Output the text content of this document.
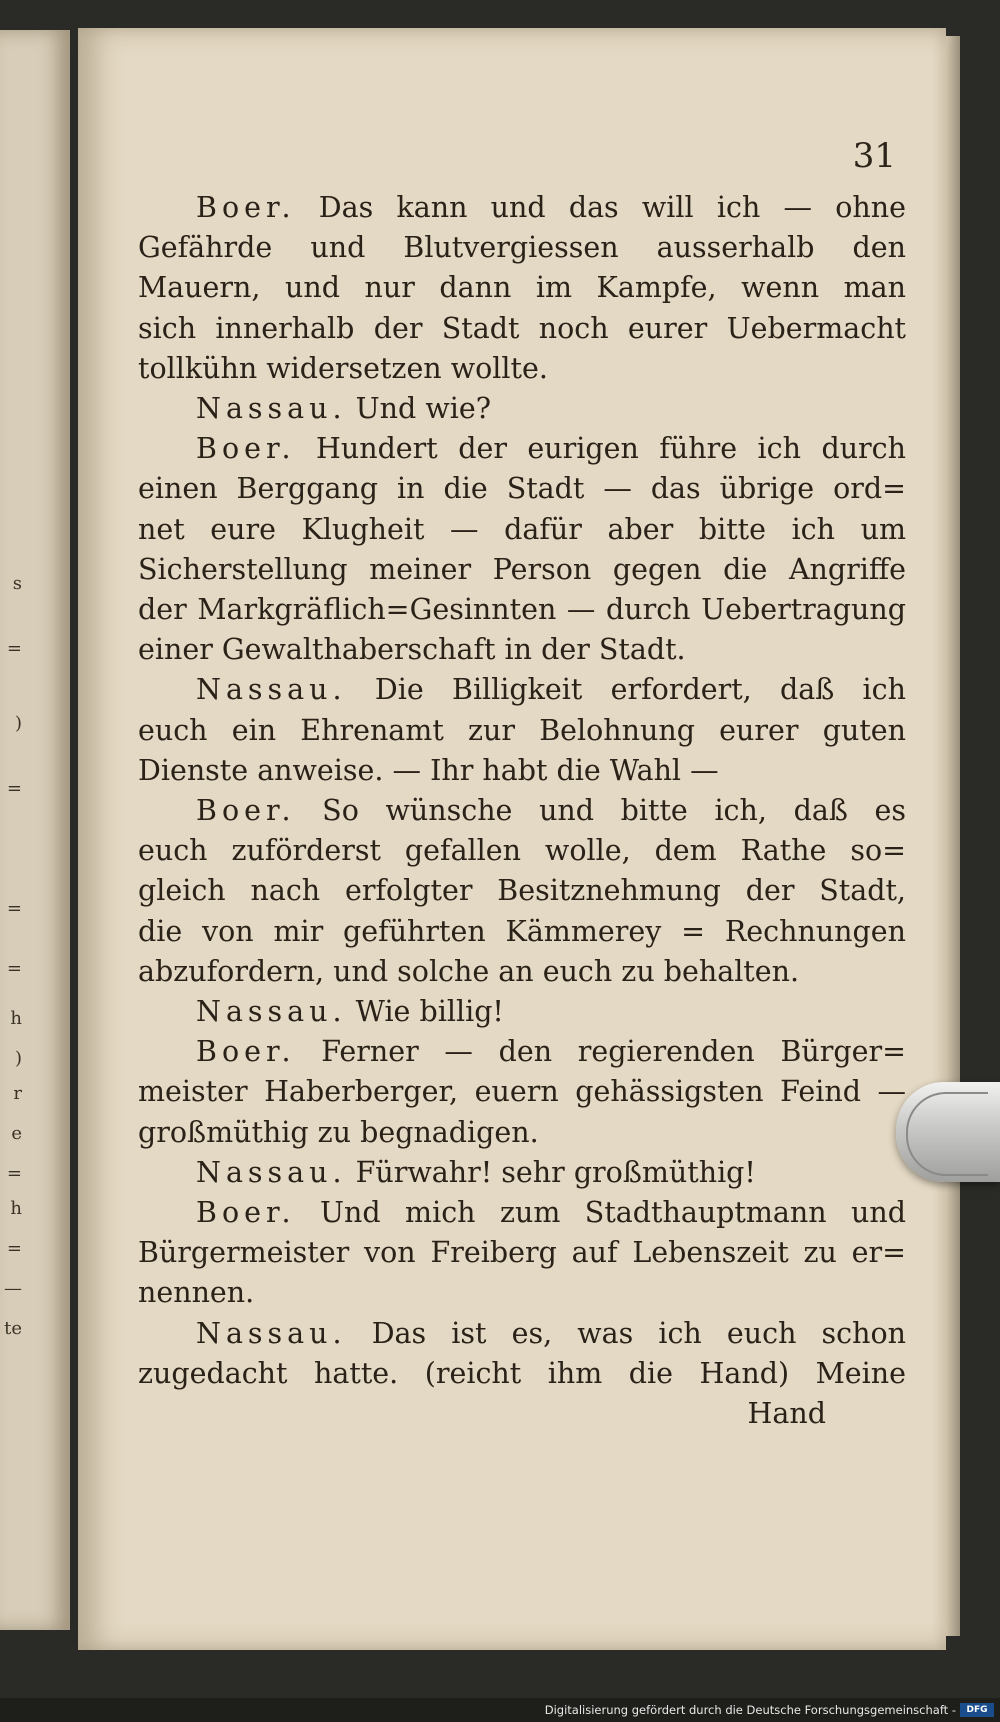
s
=
)
=
=
=
h
)
r
e
=
h
=
—
te
31
Boer. Das kann und das will ich — ohne
Gefährde und Blutvergiessen ausserhalb den
Mauern, und nur dann im Kampfe, wenn man
sich innerhalb der Stadt noch eurer Uebermacht
tollkühn widersetzen wollte.
Nassau. Und wie?
Boer. Hundert der eurigen führe ich durch
einen Berggang in die Stadt — das übrige ord=
net eure Klugheit — dafür aber bitte ich um
Sicherstellung meiner Person gegen die Angriffe
der Markgräflich=Gesinnten — durch Uebertragung
einer Gewalthaberschaft in der Stadt.
Nassau. Die Billigkeit erfordert, daß ich
euch ein Ehrenamt zur Belohnung eurer guten
Dienste anweise. — Ihr habt die Wahl —
Boer. So wünsche und bitte ich, daß es
euch zuförderst gefallen wolle, dem Rathe so=
gleich nach erfolgter Besitznehmung der Stadt,
die von mir geführten Kämmerey = Rechnungen
abzufordern, und solche an euch zu behalten.
Nassau. Wie billig!
Boer. Ferner — den regierenden Bürger=
meister Haberberger, euern gehässigsten Feind —
großmüthig zu begnadigen.
Nassau. Fürwahr! sehr großmüthig!
Boer. Und mich zum Stadthauptmann und
Bürgermeister von Freiberg auf Lebenszeit zu er=
nennen.
Nassau. Das ist es, was ich euch schon
zugedacht hatte. (reicht ihm die Hand) Meine
Hand
Digitalisierung gefördert durch die Deutsche Forschungsgemeinschaft -	DFG
